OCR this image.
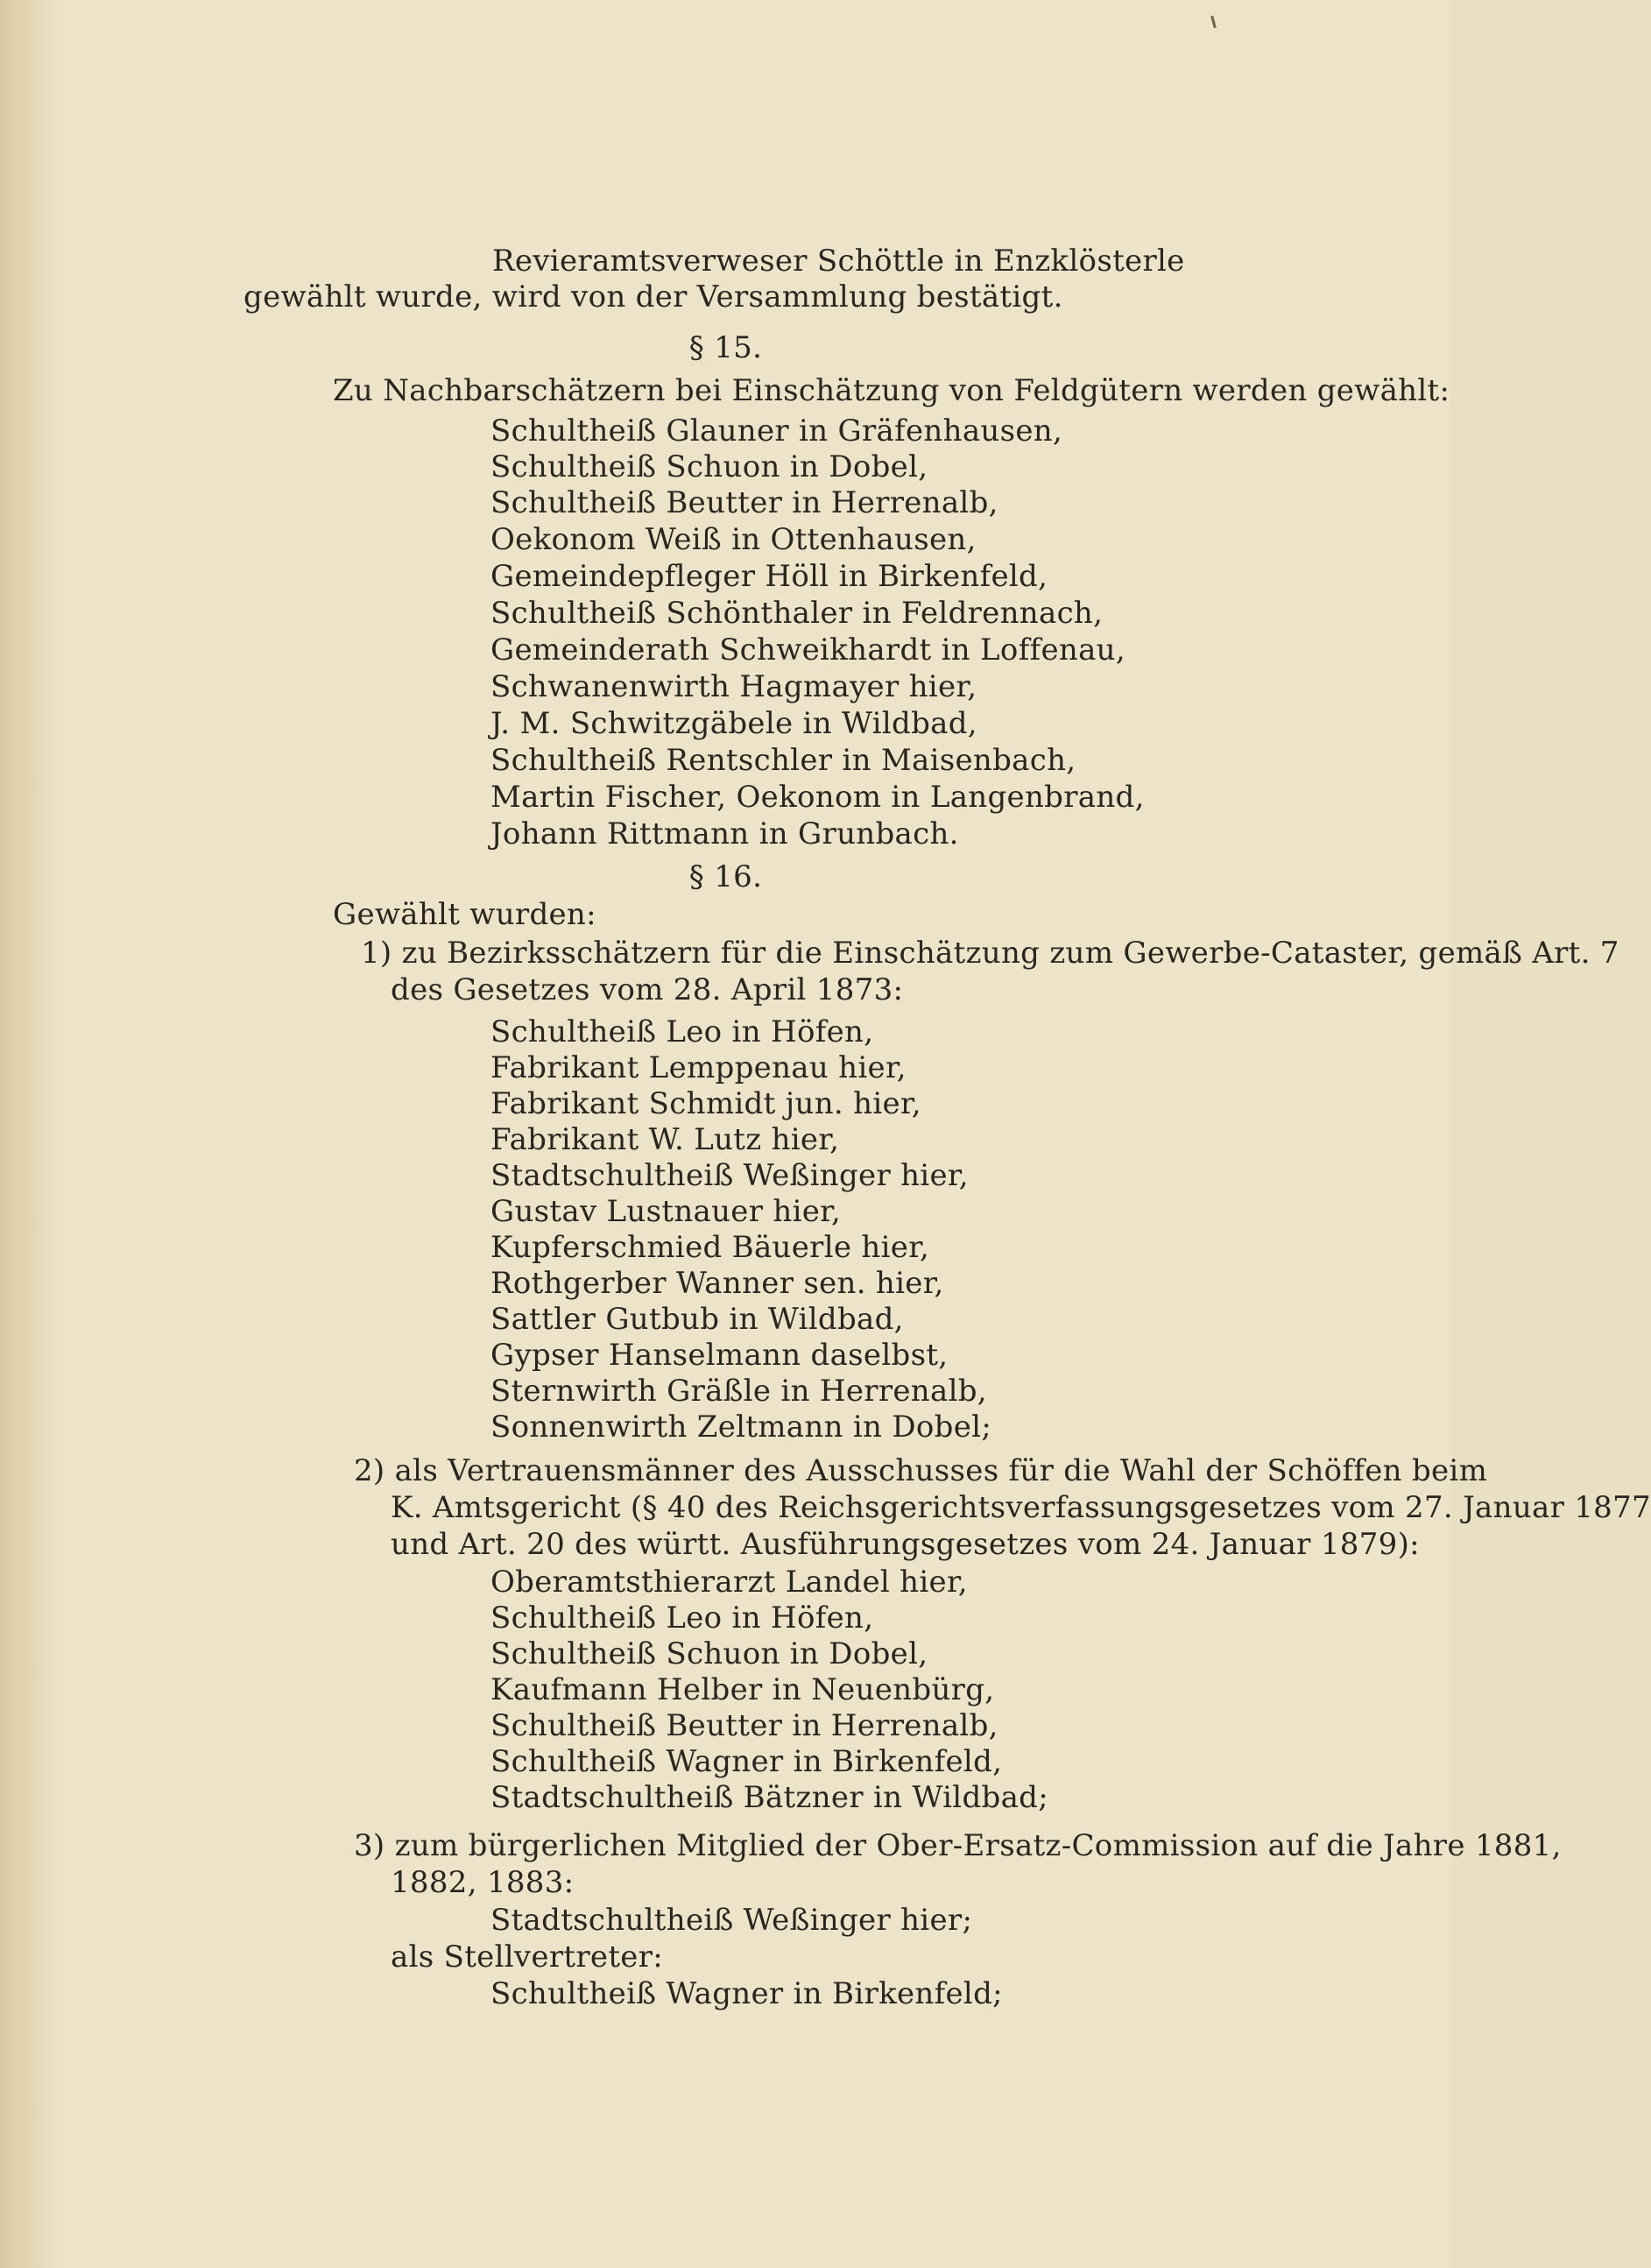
Revieramtsverweser Schöttle in Enzklösterle
gewählt wurde, wird von der Versammlung bestätigt.
§ 15.
Zu Nachbarschätzern bei Einschätzung von Feldgütern werden gewählt:
Schultheiß Glauner in Gräfenhausen,
Schultheiß Schuon in Dobel,
Schultheiß Beutter in Herrenalb,
Oekonom Weiß in Ottenhausen,
Gemeindepfleger Höll in Birkenfeld,
Schultheiß Schönthaler in Feldrennach,
Gemeinderath Schweikhardt in Loffenau,
Schwanenwirth Hagmayer hier,
J. M. Schwitzgäbele in Wildbad,
Schultheiß Rentschler in Maisenbach,
Martin Fischer, Oekonom in Langenbrand,
Johann Rittmann in Grunbach.
§ 16.
Gewählt wurden:
1) zu Bezirksschätzern für die Einschätzung zum Gewerbe-Cataster, gemäß Art. 7
des Gesetzes vom 28. April 1873:
Schultheiß Leo in Höfen,
Fabrikant Lemppenau hier,
Fabrikant Schmidt jun. hier,
Fabrikant W. Lutz hier,
Stadtschultheiß Weßinger hier,
Gustav Lustnauer hier,
Kupferschmied Bäuerle hier,
Rothgerber Wanner sen. hier,
Sattler Gutbub in Wildbad,
Gypser Hanselmann daselbst,
Sternwirth Gräßle in Herrenalb,
Sonnenwirth Zeltmann in Dobel;
2) als Vertrauensmänner des Ausschusses für die Wahl der Schöffen beim
K. Amtsgericht (§ 40 des Reichsgerichtsverfassungsgesetzes vom 27. Januar 1877
und Art. 20 des württ. Ausführungsgesetzes vom 24. Januar 1879):
Oberamtsthierarzt Landel hier,
Schultheiß Leo in Höfen,
Schultheiß Schuon in Dobel,
Kaufmann Helber in Neuenbürg,
Schultheiß Beutter in Herrenalb,
Schultheiß Wagner in Birkenfeld,
Stadtschultheiß Bätzner in Wildbad;
3) zum bürgerlichen Mitglied der Ober-Ersatz-Commission auf die Jahre 1881,
1882, 1883:
Stadtschultheiß Weßinger hier;
als Stellvertreter:
Schultheiß Wagner in Birkenfeld;
